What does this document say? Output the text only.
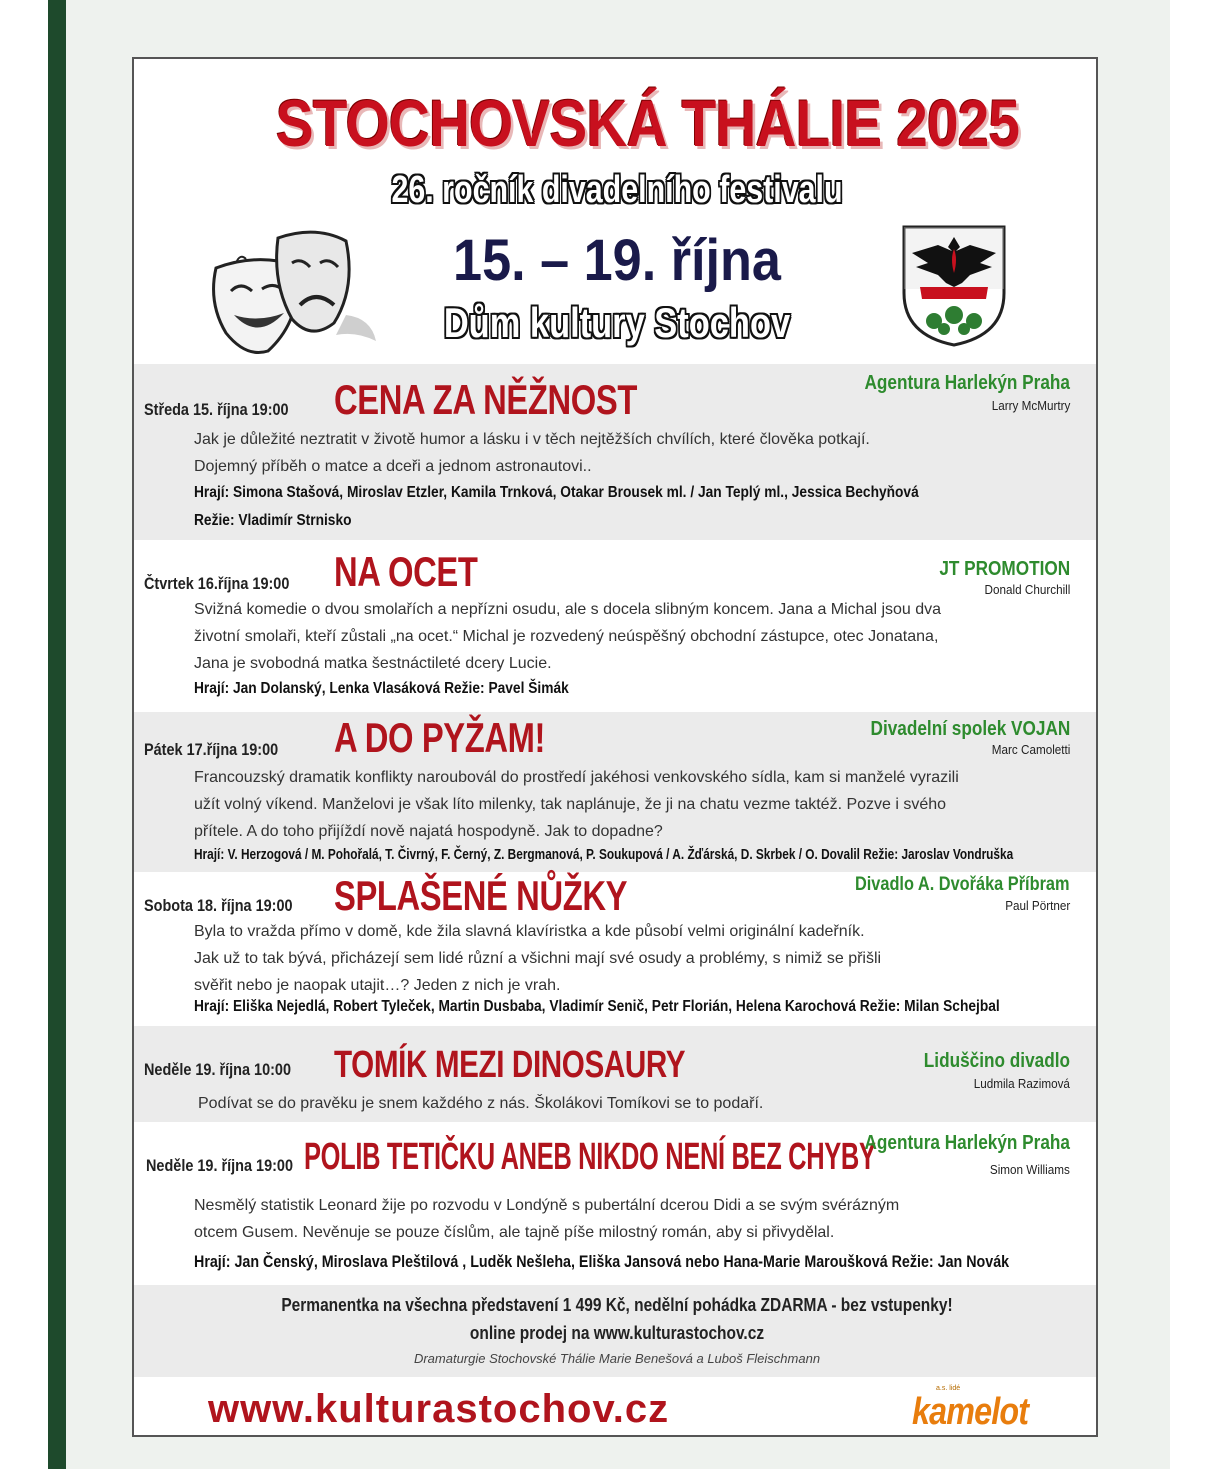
STOCHOVSKÁ THÁLIE 2025
26. ročník divadelního festivalu
15. – 19. října
Dům kultury Stochov
Středa 15. října 19:00 CENA ZA NĚŽNOST	Agentura Harlekýn Praha
Larry McMurtry
Jak je důležité neztratit v životě humor a lásku i v těch nejtěžších chvílích, které člověka potkají.
Dojemný příběh o matce a dceři a jednom astronautovi..
Hrají: Simona Stašová, Miroslav Etzler, Kamila Trnková, Otakar Brousek ml. / Jan Teplý ml., Jessica Bechyňová
Režie: Vladimír Strnisko
Čtvrtek 16.října 19:00 NA OCET	JT PROMOTION
Donald Churchill
Svižná komedie o dvou smolařích a nepřízni osudu, ale s docela slibným koncem. Jana a Michal jsou dva
životní smolaři, kteří zůstali „na ocet.“ Michal je rozvedený neúspěšný obchodní zástupce, otec Jonatana,
Jana je svobodná matka šestnáctileté dcery Lucie.
Hrají: Jan Dolanský, Lenka Vlasáková Režie: Pavel Šimák
Pátek 17.října 19:00 A DO PYŽAM!	Divadelní spolek VOJAN
Marc Camoletti
Francouzský dramatik konflikty naroubovál do prostředí jakéhosi venkovského sídla, kam si manželé vyrazili
užít volný víkend. Manželovi je však líto milenky, tak naplánuje, že ji na chatu vezme taktéž. Pozve i svého
přítele. A do toho přijíždí nově najatá hospodyně. Jak to dopadne?
Hrají: V. Herzogová / M. Pohořalá, T. Čivrný, F. Černý, Z. Bergmanová, P. Soukupová / A. Žďárská, D. Skrbek / O. Dovalil Režie: Jaroslav Vondruška
Sobota 18. října 19:00 SPLAŠENÉ NŮŽKY	Divadlo A. Dvořáka Příbram
Paul Pörtner
Byla to vražda přímo v domě, kde žila slavná klavíristka a kde působí velmi originální kadeřník.
Jak už to tak bývá, přicházejí sem lidé různí a všichni mají své osudy a problémy, s nimiž se přišli
svěřit nebo je naopak utajit…? Jeden z nich je vrah.
Hrají: Eliška Nejedlá, Robert Tyleček, Martin Dusbaba, Vladimír Senič, Petr Florián, Helena Karochová Režie: Milan Schejbal
Neděle 19. října 10:00 TOMÍK MEZI DINOSAURY	Liduščino divadlo
Ludmila Razimová
Podívat se do pravěku je snem každého z nás. Školákovi Tomíkovi se to podaří.
Neděle 19. října 19:00 POLIB TETIČKU ANEB NIKDO NENÍ BEZ CHYBY
Agentura Harlekýn Praha
Simon Williams
Nesmělý statistik Leonard žije po rozvodu v Londýně s pubertální dcerou Didi a se svým svérázným
otcem Gusem. Nevěnuje se pouze číslům, ale tajně píše milostný román, aby si přivydělal.
Hrají: Jan Čenský, Miroslava Pleštilová , Luděk Nešleha, Eliška Jansová nebo Hana-Marie Maroušková Režie: Jan Novák
Permanentka na všechna představení 1 499 Kč, nedělní pohádka ZDARMA - bez vstupenky!
online prodej na www.kulturastochov.cz
Dramaturgie Stochovské Thálie Marie Benešová a Luboš Fleischmann
www.kulturastochov.cz	a.s. lidé
kamelot
